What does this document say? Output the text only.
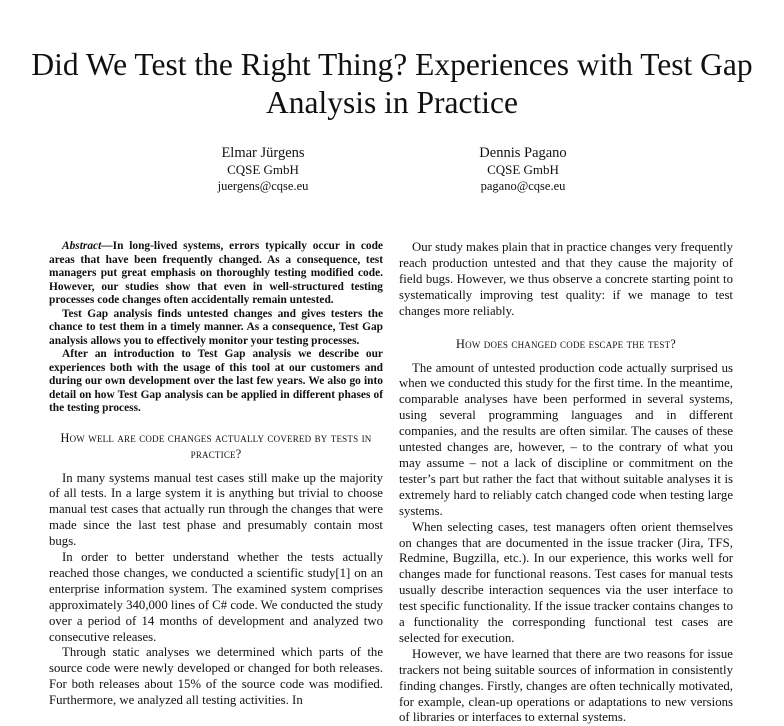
Did We Test the Right Thing? Experiences with Test Gap Analysis in Practice
Elmar Jürgens
CQSE GmbH
juergens@cqse.eu
Dennis Pagano
CQSE GmbH
pagano@cqse.eu

Abstract—In long-lived systems, errors typically occur in code areas that have been frequently changed. As a consequence, test managers put great emphasis on thoroughly testing modified code. However, our studies show that even in well-structured testing processes code changes often accidentally remain untested.

Test Gap analysis finds untested changes and gives testers the chance to test them in a timely manner. As a consequence, Test Gap analysis allows you to effectively monitor your testing processes.

After an introduction to Test Gap analysis we describe our experiences both with the usage of this tool at our customers and during our own development over the last few years. We also go into detail on how Test Gap analysis can be applied in different phases of the testing process.

How well are code changes actually covered by tests in practice?

In many systems manual test cases still make up the majority of all tests. In a large system it is anything but trivial to choose manual test cases that actually run through the changes that were made since the last test phase and presumably contain most bugs.

In order to better understand whether the tests actually reached those changes, we conducted a scientific study[1] on an enterprise information system. The examined system comprises approximately 340,000 lines of C# code. We conducted the study over a period of 14 months of development and analyzed two consecutive releases.

Through static analyses we determined which parts of the source code were newly developed or changed for both releases. For both releases about 15% of the source code was modified. Furthermore, we analyzed all testing activities. In

Our study makes plain that in practice changes very frequently reach production untested and that they cause the majority of field bugs. However, we thus observe a concrete starting point to systematically improving test quality: if we manage to test changes more reliably.

How does changed code escape the test?

The amount of untested production code actually surprised us when we conducted this study for the first time. In the meantime, comparable analyses have been performed in several systems, using several programming languages and in different companies, and the results are often similar. The causes of these untested changes are, however, – to the contrary of what you may assume – not a lack of discipline or commitment on the tester’s part but rather the fact that without suitable analyses it is extremely hard to reliably catch changed code when testing large systems.

When selecting cases, test managers often orient themselves on changes that are documented in the issue tracker (Jira, TFS, Redmine, Bugzilla, etc.). In our experience, this works well for changes made for functional reasons. Test cases for manual tests usually describe interaction sequences via the user interface to test specific functionality. If the issue tracker contains changes to a functionality the corresponding functional test cases are selected for execution.

However, we have learned that there are two reasons for issue trackers not being suitable sources of information in consistently finding changes. Firstly, changes are often technically motivated, for example, clean-up operations or adaptations to new versions of libraries or interfaces to external systems.
